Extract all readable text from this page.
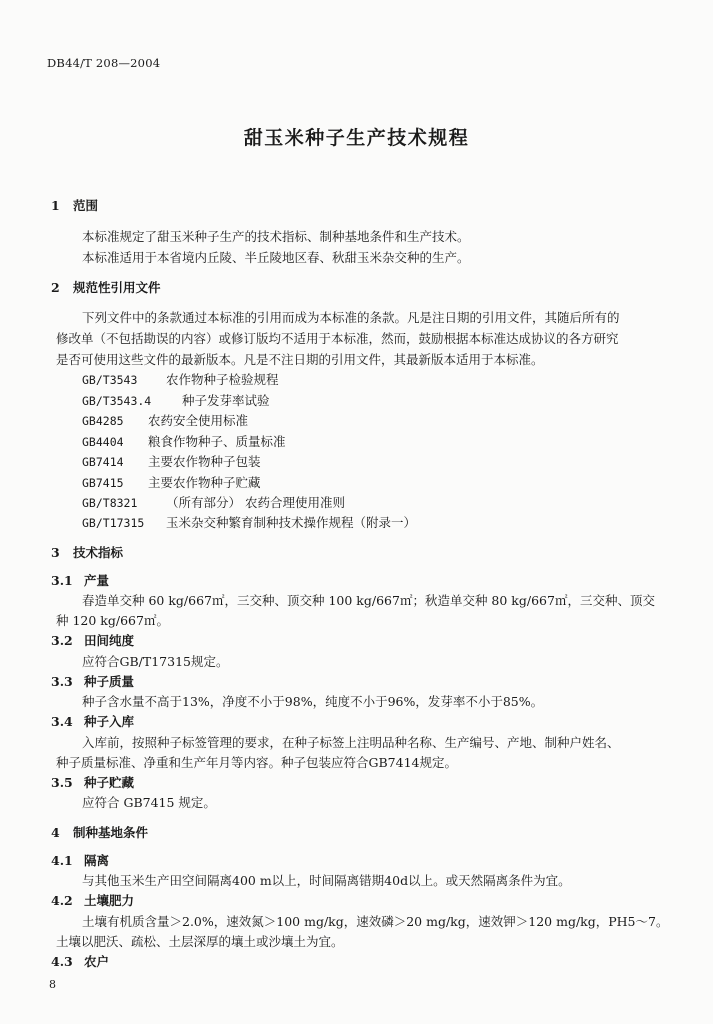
DB44/T 208—2004
甜玉米种子生产技术规程
1 范围
本标准规定了甜玉米种子生产的技术指标、制种基地条件和生产技术。
本标准适用于本省境内丘陵、半丘陵地区春、秋甜玉米杂交种的生产。
2 规范性引用文件
下列文件中的条款通过本标准的引用而成为本标准的条款。凡是注日期的引用文件，其随后所有的
修改单（不包括勘误的内容）或修订版均不适用于本标准，然而，鼓励根据本标准达成协议的各方研究
是否可使用这些文件的最新版本。凡是不注日期的引用文件，其最新版本适用于本标准。
GB/T3543 农作物种子检验规程
GB/T3543.4 种子发芽率试验
GB4285 农药安全使用标准
GB4404 粮食作物种子、质量标准
GB7414 主要农作物种子包装
GB7415 主要农作物种子贮藏
GB/T8321 （所有部分） 农药合理使用准则
GB/T17315 玉米杂交种繁育制种技术操作规程（附录一）
3 技术指标
3.1 产量
春造单交种 60 kg/667㎡，三交种、顶交种 100 kg/667㎡；秋造单交种 80 kg/667㎡，三交种、顶交
种 120 kg/667㎡。
3.2 田间纯度
应符合GB/T17315规定。
3.3 种子质量
种子含水量不高于13%，净度不小于98%，纯度不小于96%，发芽率不小于85%。
3.4 种子入库
入库前，按照种子标签管理的要求，在种子标签上注明品种名称、生产编号、产地、制种户姓名、
种子质量标准、净重和生产年月等内容。种子包装应符合GB7414规定。
3.5 种子贮藏
应符合 GB7415 规定。
4 制种基地条件
4.1 隔离
与其他玉米生产田空间隔离400 m以上，时间隔离错期40d以上。或天然隔离条件为宜。
4.2 土壤肥力
土壤有机质含量＞2.0%，速效氮＞100 mg/kg，速效磷＞20 mg/kg，速效钾＞120 mg/kg，PH5～7。
土壤以肥沃、疏松、土层深厚的壤土或沙壤土为宜。
4.3 农户
8
